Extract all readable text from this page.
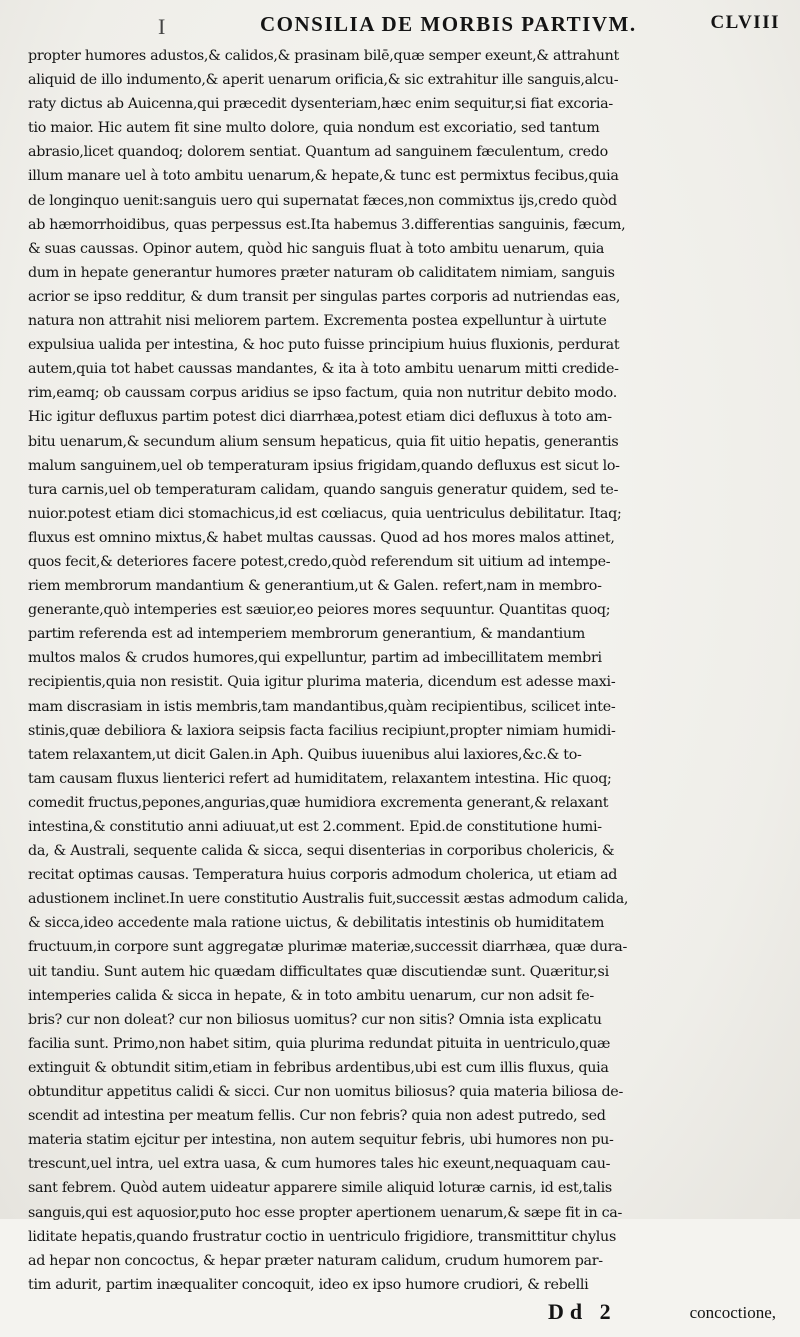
I	CONSILIA DE MORBIS PARTIVM.	CLVIII
propter humores adustos,& calidos,& prasinam bilē,quæ semper exeunt,& attrahunt
aliquid de illo indumento,& aperit uenarum orificia,& sic extrahitur ille sanguis,alcu-
raty dictus ab Auicenna,qui præcedit dysenteriam,hæc enim sequitur,si fiat excoria-
tio maior. Hic autem fit sine multo dolore, quia nondum est excoriatio, sed tantum
abrasio,licet quandoq; dolorem sentiat. Quantum ad sanguinem fæculentum, credo
illum manare uel à toto ambitu uenarum,& hepate,& tunc est permixtus fecibus,quia
de longinquo uenit:sanguis uero qui supernatat fæces,non commixtus ijs,credo quòd
ab hæmorrhoidibus, quas perpessus est.Ita habemus 3.differentias sanguinis, fæcum,
& suas caussas. Opinor autem, quòd hic sanguis fluat à toto ambitu uenarum, quia
dum in hepate generantur humores præter naturam ob caliditatem nimiam, sanguis
acrior se ipso redditur, & dum transit per singulas partes corporis ad nutriendas eas,
natura non attrahit nisi meliorem partem. Excrementa postea expelluntur à uirtute
expulsiua ualida per intestina, & hoc puto fuisse principium huius fluxionis, perdurat
autem,quia tot habet caussas mandantes, & ita à toto ambitu uenarum mitti credide-
rim,eamq; ob caussam corpus aridius se ipso factum, quia non nutritur debito modo.
Hic igitur defluxus partim potest dici diarrhæa,potest etiam dici defluxus à toto am-
bitu uenarum,& secundum alium sensum hepaticus, quia fit uitio hepatis, generantis
malum sanguinem,uel ob temperaturam ipsius frigidam,quando defluxus est sicut lo-
tura carnis,uel ob temperaturam calidam, quando sanguis generatur quidem, sed te-
nuior.potest etiam dici stomachicus,id est cœliacus, quia uentriculus debilitatur. Itaq;
fluxus est omnino mixtus,& habet multas caussas. Quod ad hos mores malos attinet,
quos fecit,& deteriores facere potest,credo,quòd referendum sit uitium ad intempe-
riem membrorum mandantium & generantium,ut & Galen. refert,nam in membro-
generante,quò intemperies est sæuior,eo peiores mores sequuntur. Quantitas quoq;
partim referenda est ad intemperiem membrorum generantium, & mandantium
multos malos & crudos humores,qui expelluntur, partim ad imbecillitatem membri
recipientis,quia non resistit. Quia igitur plurima materia, dicendum est adesse maxi-
mam discrasiam in istis membris,tam mandantibus,quàm recipientibus, scilicet inte-
stinis,quæ debiliora & laxiora seipsis facta facilius recipiunt,propter nimiam humidi-
tatem relaxantem,ut dicit Galen.in Aph. Quibus iuuenibus alui laxiores,&c.& to-
tam causam fluxus lienterici refert ad humiditatem, relaxantem intestina. Hic quoq;
comedit fructus,pepones,angurias,quæ humidiora excrementa generant,& relaxant
intestina,& constitutio anni adiuuat,ut est 2.comment. Epid.de constitutione humi-
da, & Australi, sequente calida & sicca, sequi disenterias in corporibus cholericis, &
recitat optimas causas. Temperatura huius corporis admodum cholerica, ut etiam ad
adustionem inclinet.In uere constitutio Australis fuit,successit æstas admodum calida,
& sicca,ideo accedente mala ratione uictus, & debilitatis intestinis ob humiditatem
fructuum,in corpore sunt aggregatæ plurimæ materiæ,successit diarrhæa, quæ dura-
uit tandiu. Sunt autem hic quædam difficultates quæ discutiendæ sunt. Quæritur,si
intemperies calida & sicca in hepate, & in toto ambitu uenarum, cur non adsit fe-
bris? cur non doleat? cur non biliosus uomitus? cur non sitis? Omnia ista explicatu
facilia sunt. Primo,non habet sitim, quia plurima redundat pituita in uentriculo,quæ
extinguit & obtundit sitim,etiam in febribus ardentibus,ubi est cum illis fluxus, quia
obtunditur appetitus calidi & sicci. Cur non uomitus biliosus? quia materia biliosa de-
scendit ad intestina per meatum fellis. Cur non febris? quia non adest putredo, sed
materia statim ejcitur per intestina, non autem sequitur febris, ubi humores non pu-
trescunt,uel intra, uel extra uasa, & cum humores tales hic exeunt,nequaquam cau-
sant febrem. Quòd autem uideatur apparere simile aliquid loturæ carnis, id est,talis
sanguis,qui est aquosior,puto hoc esse propter apertionem uenarum,& sæpe fit in ca-
liditate hepatis,quando frustratur coctio in uentriculo frigidiore, transmittitur chylus
ad hepar non concoctus, & hepar præter naturam calidum, crudum humorem par-
tim adurit, partim inæqualiter concoquit, ideo ex ipso humore crudiori, & rebelli
Dd 2	concoctione,
